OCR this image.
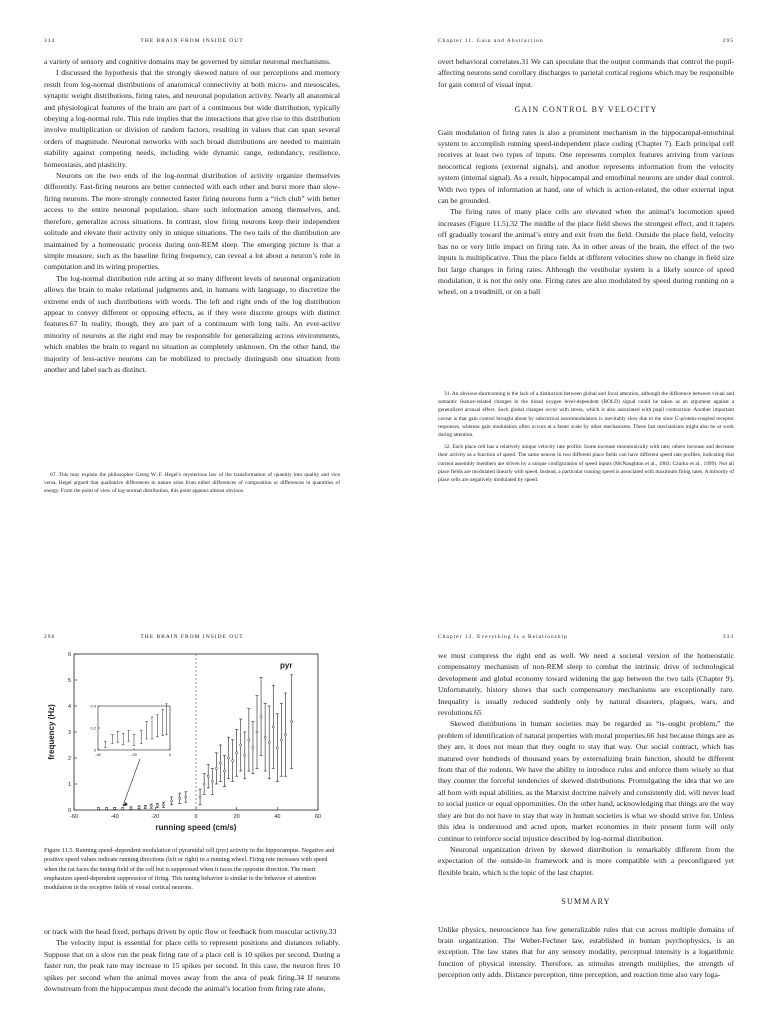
334	THE BRAIN FROM INSIDE OUT

a variety of sensory and cognitive domains may be governed by similar neuronal mechanisms.

I discussed the hypothesis that the strongly skewed nature of our perceptions and memory result from log-normal distributions of anatomical connectivity at both micro- and mesoscales, synaptic weight distributions, firing rates, and neuronal population activity. Nearly all anatomical and physiological features of the brain are part of a continuous but wide distribution, typically obeying a log-normal rule. This rule implies that the interactions that give rise to this distribution involve multiplication or division of random factors, resulting in values that can span several orders of magnitude. Neuronal networks with such broad distributions are needed to maintain stability against competing needs, including wide dynamic range, redundancy, resilience, homeostasis, and plasticity.

Neurons on the two ends of the log-normal distribution of activity organize themselves differently. Fast-firing neurons are better connected with each other and burst more than slow-firing neurons. The more strongly connected faster firing neurons form a “rich club” with better access to the entire neuronal population, share such information among themselves, and, therefore, generalize across situations. In contrast, slow firing neurons keep their independent solitude and elevate their activity only in unique situations. The two tails of the distribution are maintained by a homeostatic process during non-REM sleep. The emerging picture is that a simple measure, such as the baseline firing frequency, can reveal a lot about a neuron’s role in computation and its wiring properties.

The log-normal distribution rule acting at so many different levels of neuronal organization allows the brain to make relational judgments and, in humans with language, to discretize the extreme ends of such distributions with words. The left and right ends of the log distribution appear to convey different or opposing effects, as if they were discrete groups with distinct features.67 In reality, though, they are part of a continuum with long tails. An ever-active minority of neurons at the right end may be responsible for generalizing across environments, which enables the brain to regard no situation as completely unknown. On the other hand, the majority of less-active neurons can be mobilized to precisely distinguish one situation from another and label each as distinct.

67. This may explain the philosopher Georg W. F. Hegel’s mysterious law of the transformation of quantity into quality and vice versa. Hegel argued that qualitative differences in nature arise from either differences of composition or differences in quantities of energy. From the point of view of log-normal distribution, this point appears almost obvious.

Chapter 11. Gain and Abstraction	295

overt behavioral correlates.31 We can speculate that the output commands that control the pupil-affecting neurons send corollary discharges to parietal cortical regions which may be responsible for gain control of visual input.

GAIN CONTROL BY VELOCITY

Gain modulation of firing rates is also a prominent mechanism in the hippocampal-entorhinal system to accomplish running speed-independent place coding (Chapter 7). Each principal cell receives at least two types of inputs. One represents complex features arriving from various neocortical regions (external signals), and another represents information from the velocity system (internal signal). As a result, hippocampal and entorhinal neurons are under dual control. With two types of information at hand, one of which is action-related, the other external input can be grounded.

The firing rates of many place cells are elevated when the animal’s locomotion speed increases (Figure 11.5).32 The middle of the place field shows the strongest effect, and it tapers off gradually toward the animal’s entry and exit from the field. Outside the place field, velocity has no or very little impact on firing rate. As in other areas of the brain, the effect of the two inputs is multiplicative. Thus the place fields at different velocities show no change in field size but large changes in firing rates. Although the vestibular system is a likely source of speed modulation, it is not the only one. Firing rates are also modulated by speed during running on a wheel, on a treadmill, or on a ball

31. An obvious shortcoming is the lack of a distinction between global and focal attention, although the difference between visual and semantic feature-related changes in the blood oxygen level-dependent (BOLD) signal could be taken as an argument against a generalized arousal effect. Such global changes occur with stress, which is also associated with pupil contraction. Another important caveat is that gain control brought about by subcortical neuromodulators is inevitably slow due to the slow G-protein-coupled receptor responses, whereas gain modulation often occurs at a faster scale by other mechanisms. These fast mechanisms might also be at work during attention.

32. Each place cell has a relatively unique velocity rate profile. Some increase monotonically with rate; others increase and decrease their activity as a function of speed. The same neuron in two different place fields can have different speed rate profiles, indicating that current assembly members are driven by a unique configuration of speed inputs (McNaughton et al., 1983; Czurko et al., 1999). Not all place fields are modulated linearly with speed. Instead, a particular running speed is associated with maximum firing rates. A minority of place cells are negatively modulated by speed.

296	THE BRAIN FROM INSIDE OUT
-60	-40	-20	0	20	40	60
0
1
2
3
4
5
6
running speed (cm/s)
frequency (Hz)
pyr
-40	-20	0
0
0.2
0.4

Figure 11.5. Running speed–dependent modulation of pyramidal cell (pyr) activity in the hippocampus. Negative and positive speed values indicate running directions (left or right) in a running wheel. Firing rate increases with speed when the rat faces the tuning field of the cell but is suppressed when it faces the opposite direction. The insert emphasizes speed-dependent suppression of firing. This tuning behavior is similar to the behavior of attention modulation in the receptive fields of visual cortical neurons.

or track with the head fixed, perhaps driven by optic flow or feedback from muscular activity.33

The velocity input is essential for place cells to represent positions and distances reliably. Suppose that on a slow run the peak firing rate of a place cell is 10 spikes per second. During a faster run, the peak rate may increase to 15 spikes per second. In this case, the neuron fires 10 spikes per second when the animal moves away from the area of peak firing.34 If neurons downstream from the hippocampus must decode the animal’s location from firing rate alone,

Chapter 12. Everything Is a Relationship	333

we must compress the right end as well. We need a societal version of the homeostatic compensatory mechanism of non-REM sleep to combat the intrinsic drive of technological development and global economy toward widening the gap between the two tails (Chapter 9). Unfortunately, history shows that such compensatory mechanisms are exceptionally rare. Inequality is usually reduced suddenly only by natural disasters, plagues, wars, and revolutions.65

Skewed distributions in human societies may be regarded as “is–ought problem,” the problem of identification of natural properties with moral properties.66 Just because things are as they are, it does not mean that they ought to stay that way. Our social contract, which has matured over hundreds of thousand years by externalizing brain function, should be different from that of the rodents. We have the ability to introduce rules and enforce them wisely so that they counter the forceful tendencies of skewed distributions. Promulgating the idea that we are all born with equal abilities, as the Marxist doctrine naïvely and consistently did, will never lead to social justice or equal opportunities. On the other hand, acknowledging that things are the way they are but do not have to stay that way in human societies is what we should strive for. Unless this idea is understood and acted upon, market economies in their present form will only continue to reinforce social injustice described by log-normal distribution.

Neuronal organization driven by skewed distribution is remarkably different from the expectation of the outside-in framework and is more compatible with a preconfigured yet flexible brain, which is the topic of the last chapter.

SUMMARY

Unlike physics, neuroscience has few generalizable rules that cut across multiple domains of brain organization. The Weber-Fechner law, established in human psychophysics, is an exception. The law states that for any sensory modality, perceptual intensity is a logarithmic function of physical intensity. Therefore, as stimulus strength multiplies, the strength of perception only adds. Distance perception, time perception, and reaction time also vary loga-
